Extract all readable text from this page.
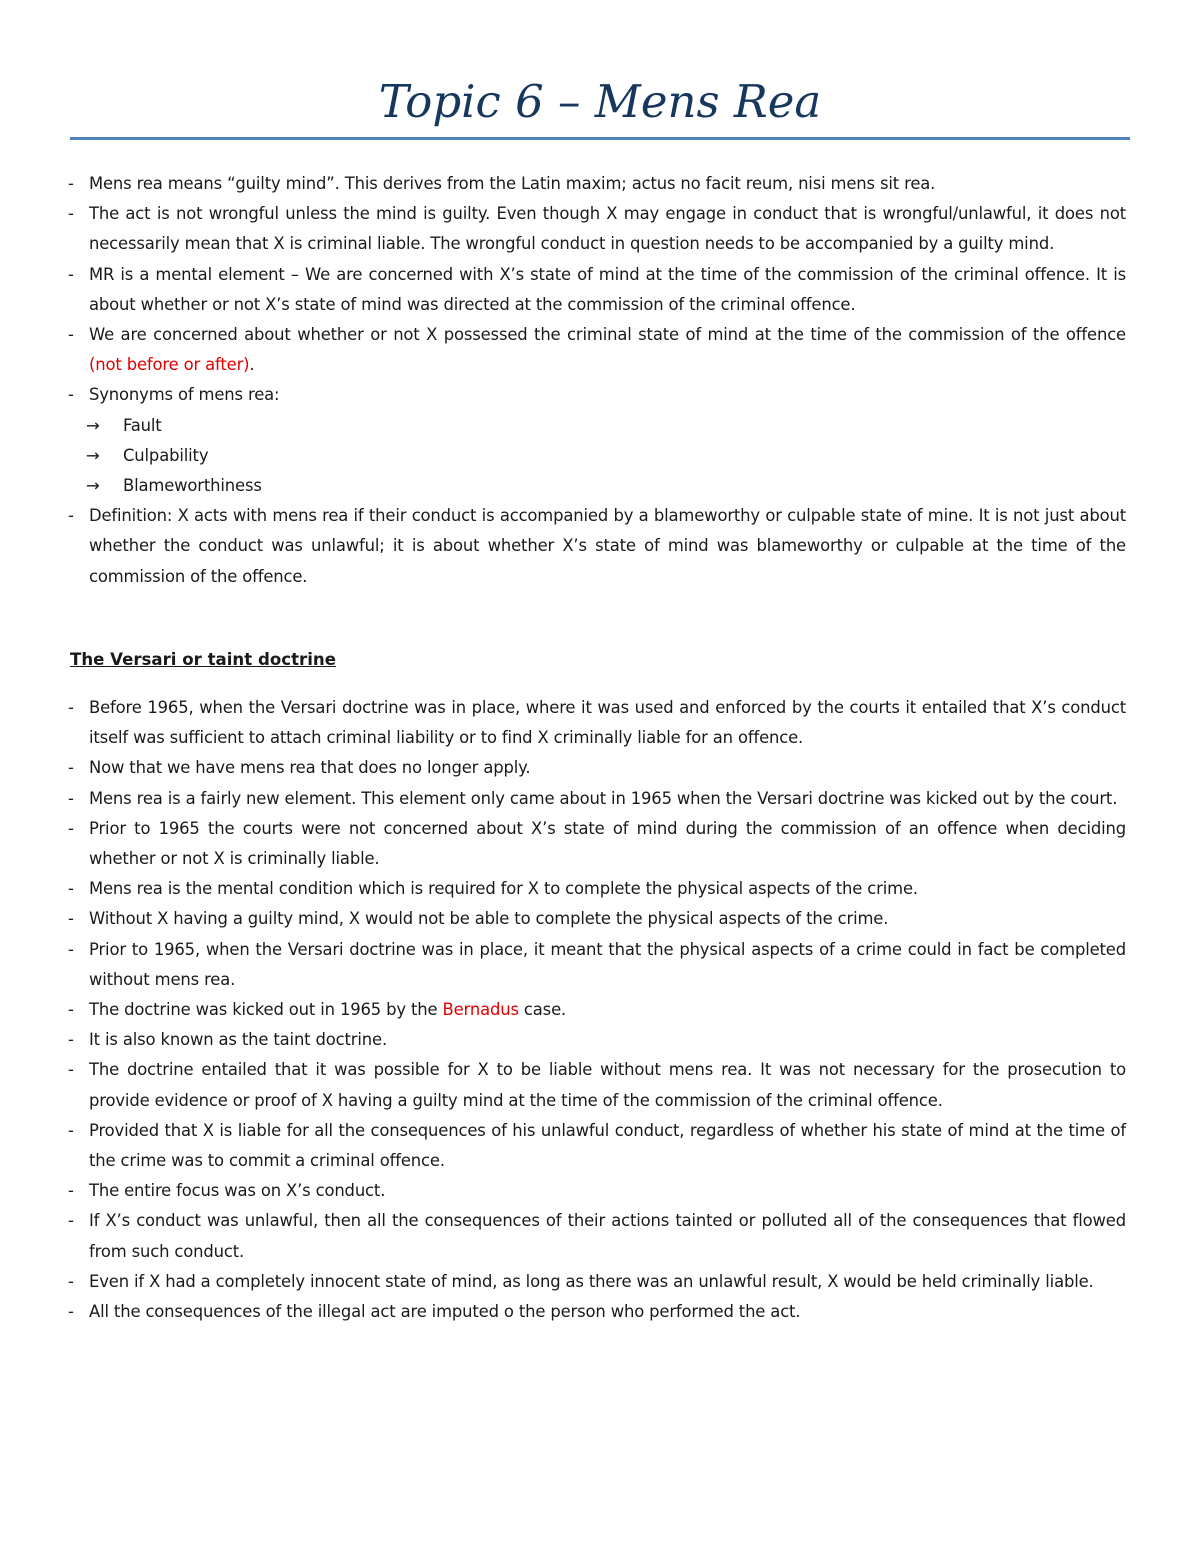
Topic 6 – Mens Rea
- Mens rea means “guilty mind”. This derives from the Latin maxim; actus no facit reum, nisi mens sit rea.
- The act is not wrongful unless the mind is guilty. Even though X may engage in conduct that is wrongful/unlawful, it does not necessarily mean that X is criminal liable. The wrongful conduct in question needs to be accompanied by a guilty mind.
- MR is a mental element – We are concerned with X’s state of mind at the time of the commission of the criminal offence. It is about whether or not X’s state of mind was directed at the commission of the criminal offence.
- We are concerned about whether or not X possessed the criminal state of mind at the time of the commission of the offence (not before or after).
- Synonyms of mens rea:
→ Fault
→ Culpability
→ Blameworthiness
- Definition: X acts with mens rea if their conduct is accompanied by a blameworthy or culpable state of mine. It is not just about whether the conduct was unlawful; it is about whether X’s state of mind was blameworthy or culpable at the time of the commission of the offence.
The Versari or taint doctrine
- Before 1965, when the Versari doctrine was in place, where it was used and enforced by the courts it entailed that X’s conduct itself was sufficient to attach criminal liability or to find X criminally liable for an offence.
- Now that we have mens rea that does no longer apply.
- Mens rea is a fairly new element. This element only came about in 1965 when the Versari doctrine was kicked out by the court.
- Prior to 1965 the courts were not concerned about X’s state of mind during the commission of an offence when deciding whether or not X is criminally liable.
- Mens rea is the mental condition which is required for X to complete the physical aspects of the crime.
- Without X having a guilty mind, X would not be able to complete the physical aspects of the crime.
- Prior to 1965, when the Versari doctrine was in place, it meant that the physical aspects of a crime could in fact be completed without mens rea.
- The doctrine was kicked out in 1965 by the Bernadus case.
- It is also known as the taint doctrine.
- The doctrine entailed that it was possible for X to be liable without mens rea. It was not necessary for the prosecution to provide evidence or proof of X having a guilty mind at the time of the commission of the criminal offence.
- Provided that X is liable for all the consequences of his unlawful conduct, regardless of whether his state of mind at the time of the crime was to commit a criminal offence.
- The entire focus was on X’s conduct.
- If X’s conduct was unlawful, then all the consequences of their actions tainted or polluted all of the consequences that flowed from such conduct.
- Even if X had a completely innocent state of mind, as long as there was an unlawful result, X would be held criminally liable.
- All the consequences of the illegal act are imputed o the person who performed the act.
